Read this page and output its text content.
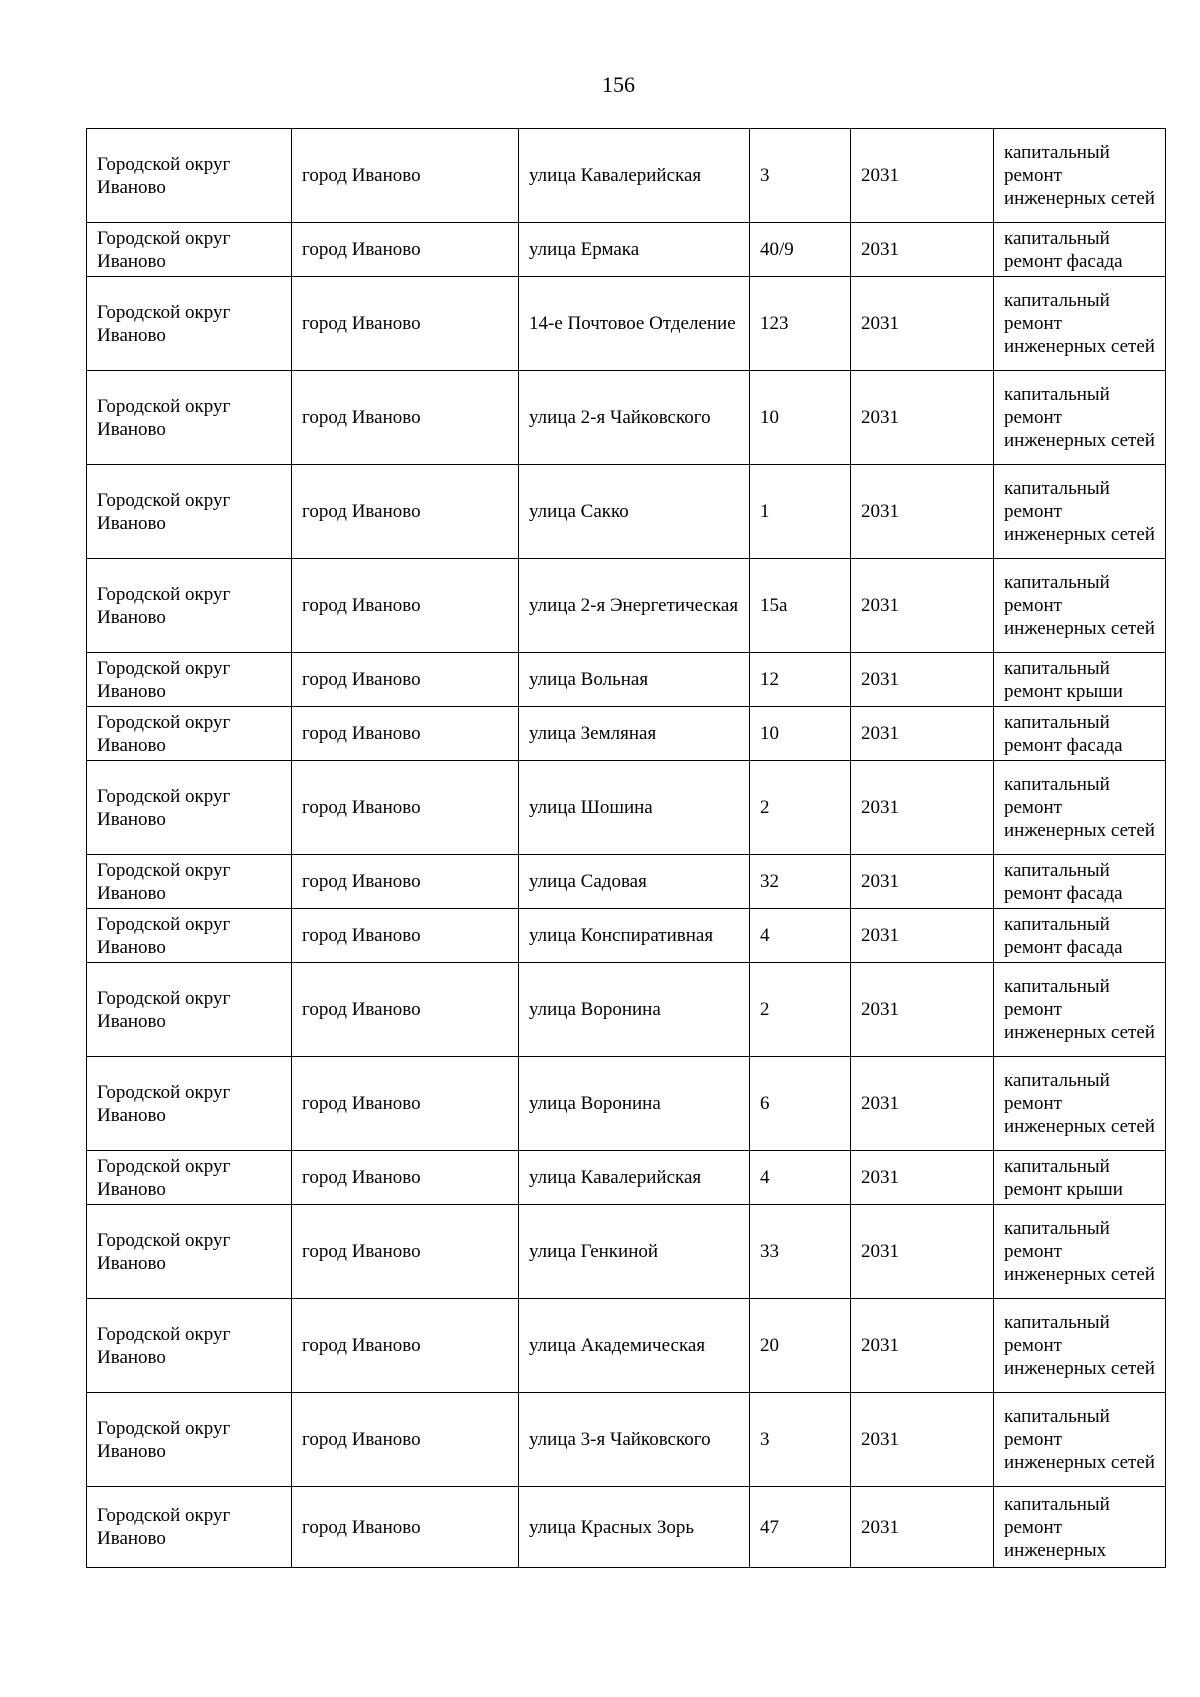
156
Городской округ Иваново	город Иваново	улица Кавалерийская	3	2031	капитальный ремонт инженерных сетей
Городской округ Иваново	город Иваново	улица Ермака	40/9	2031	капитальный ремонт фасада
Городской округ Иваново	город Иваново	14-е Почтовое Отделение	123	2031	капитальный ремонт инженерных сетей
Городской округ Иваново	город Иваново	улица 2-я Чайковского	10	2031	капитальный ремонт инженерных сетей
Городской округ Иваново	город Иваново	улица Сакко	1	2031	капитальный ремонт инженерных сетей
Городской округ Иваново	город Иваново	улица 2-я Энергетическая	15а	2031	капитальный ремонт инженерных сетей
Городской округ Иваново	город Иваново	улица Вольная	12	2031	капитальный ремонт крыши
Городской округ Иваново	город Иваново	улица Земляная	10	2031	капитальный ремонт фасада
Городской округ Иваново	город Иваново	улица Шошина	2	2031	капитальный ремонт инженерных сетей
Городской округ Иваново	город Иваново	улица Садовая	32	2031	капитальный ремонт фасада
Городской округ Иваново	город Иваново	улица Конспиративная	4	2031	капитальный ремонт фасада
Городской округ Иваново	город Иваново	улица Воронина	2	2031	капитальный ремонт инженерных сетей
Городской округ Иваново	город Иваново	улица Воронина	6	2031	капитальный ремонт инженерных сетей
Городской округ Иваново	город Иваново	улица Кавалерийская	4	2031	капитальный ремонт крыши
Городской округ Иваново	город Иваново	улица Генкиной	33	2031	капитальный ремонт инженерных сетей
Городской округ Иваново	город Иваново	улица Академическая	20	2031	капитальный ремонт инженерных сетей
Городской округ Иваново	город Иваново	улица 3-я Чайковского	3	2031	капитальный ремонт инженерных сетей
Городской округ Иваново	город Иваново	улица Красных Зорь	47	2031	капитальный ремонт инженерных
